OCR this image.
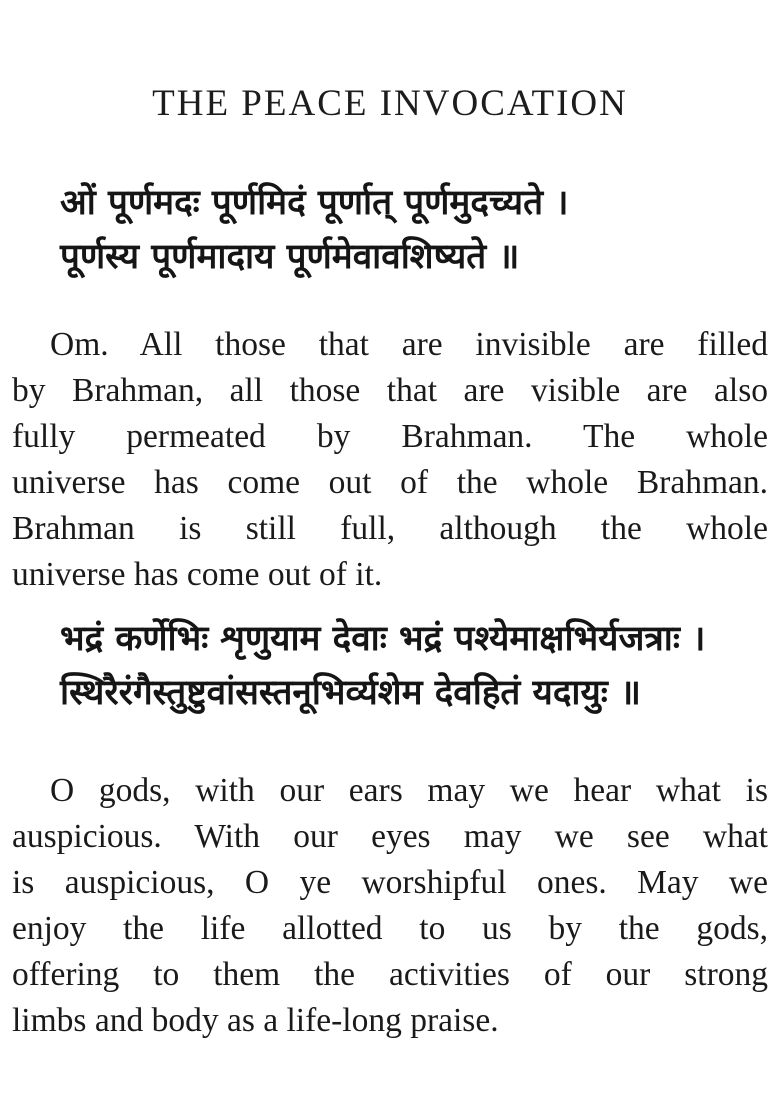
THE PEACE INVOCATION
ओं पूर्णमदः पूर्णमिदं पूर्णात् पूर्णमुदच्यते ।
पूर्णस्य पूर्णमादाय पूर्णमेवावशिष्यते ॥
Om. All those that are invisible are filled
by Brahman, all those that are visible are also
fully permeated by Brahman. The whole
universe has come out of the whole Brahman.
Brahman is still full, although the whole
universe has come out of it.
भद्रं कर्णेभिः शृणुयाम देवाः भद्रं पश्येमाक्षभिर्यजत्राः ।
स्थिरैरंगैस्तुष्टुवांसस्तनूभिर्व्यशेम देवहितं यदायुः ॥
O gods, with our ears may we hear what is
auspicious. With our eyes may we see what
is auspicious, O ye worshipful ones. May we
enjoy the life allotted to us by the gods,
offering to them the activities of our strong
limbs and body as a life-long praise.
